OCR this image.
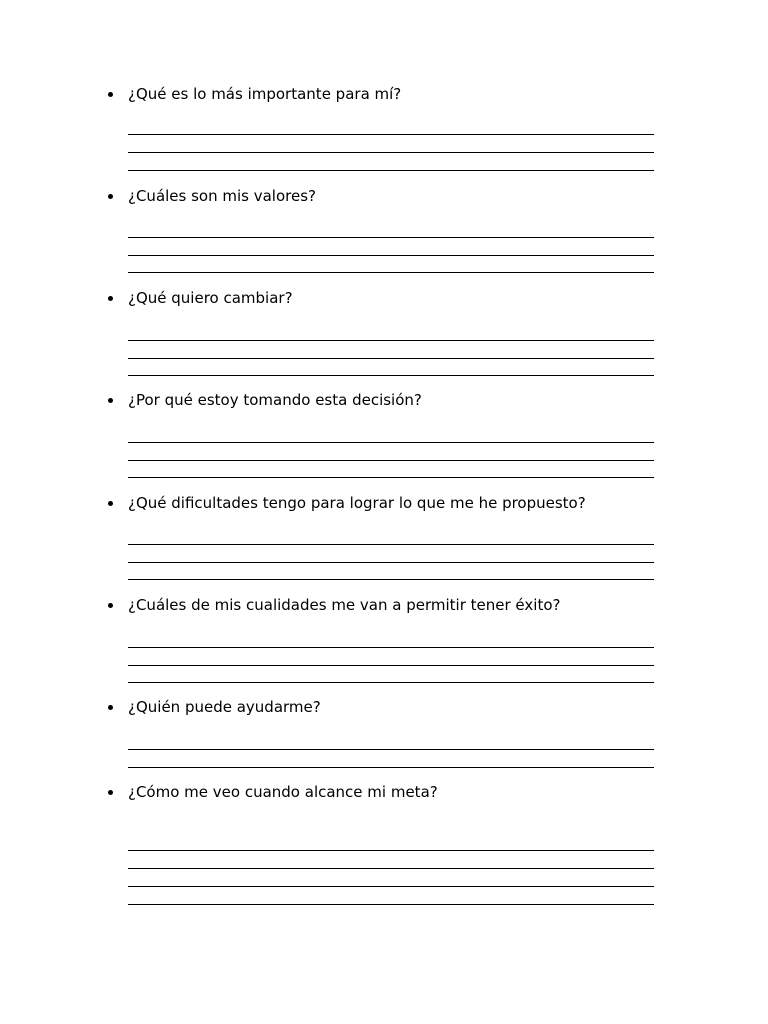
¿Qué es lo más importante para mí?
¿Cuáles son mis valores?
¿Qué quiero cambiar?
¿Por qué estoy tomando esta decisión?
¿Qué dificultades tengo para lograr lo que me he propuesto?
¿Cuáles de mis cualidades me van a permitir tener éxito?
¿Quién puede ayudarme?
¿Cómo me veo cuando alcance mi meta?
